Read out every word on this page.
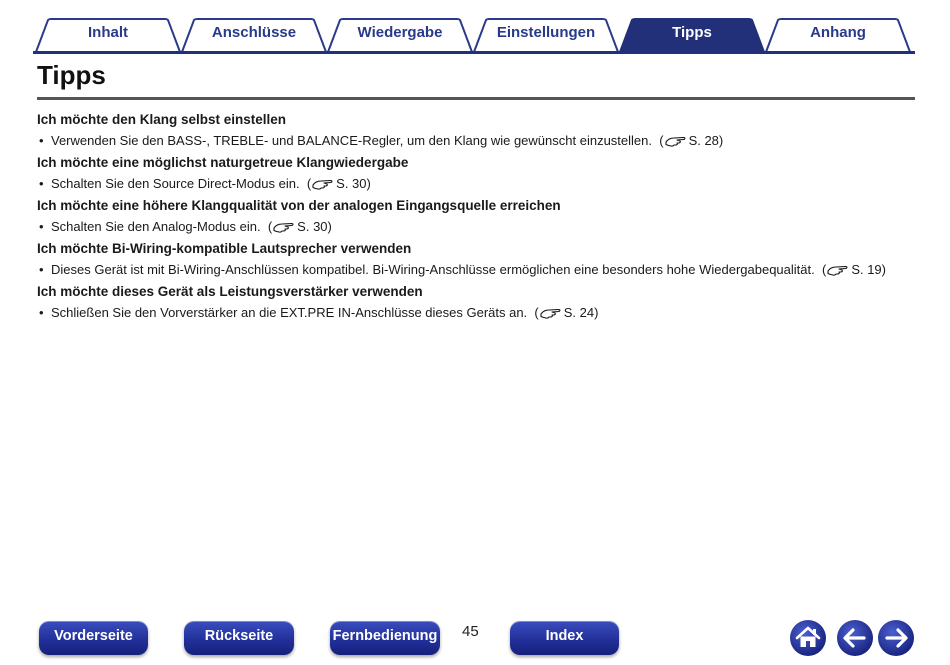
Inhalt	Anschlüsse	Wiedergabe	Einstellungen	Tipps	Anhang
Tipps
Ich möchte den Klang selbst einstellen
• Verwenden Sie den BASS-, TREBLE- und BALANCE-Regler, um den Klang wie gewünscht einzustellen.  ( S. 28)
Ich möchte eine möglichst naturgetreue Klangwiedergabe
• Schalten Sie den Source Direct-Modus ein.  ( S. 30)
Ich möchte eine höhere Klangqualität von der analogen Eingangsquelle erreichen
• Schalten Sie den Analog-Modus ein.  ( S. 30)
Ich möchte Bi-Wiring-kompatible Lautsprecher verwenden
• Dieses Gerät ist mit Bi-Wiring-Anschlüssen kompatibel. Bi-Wiring-Anschlüsse ermöglichen eine besonders hohe Wiedergabequalität.  ( S. 19)
Ich möchte dieses Gerät als Leistungsverstärker verwenden
• Schließen Sie den Vorverstärker an die EXT.PRE IN-Anschlüsse dieses Geräts an.  ( S. 24)
Vorderseite	Rückseite	Fernbedienung 45	Index
